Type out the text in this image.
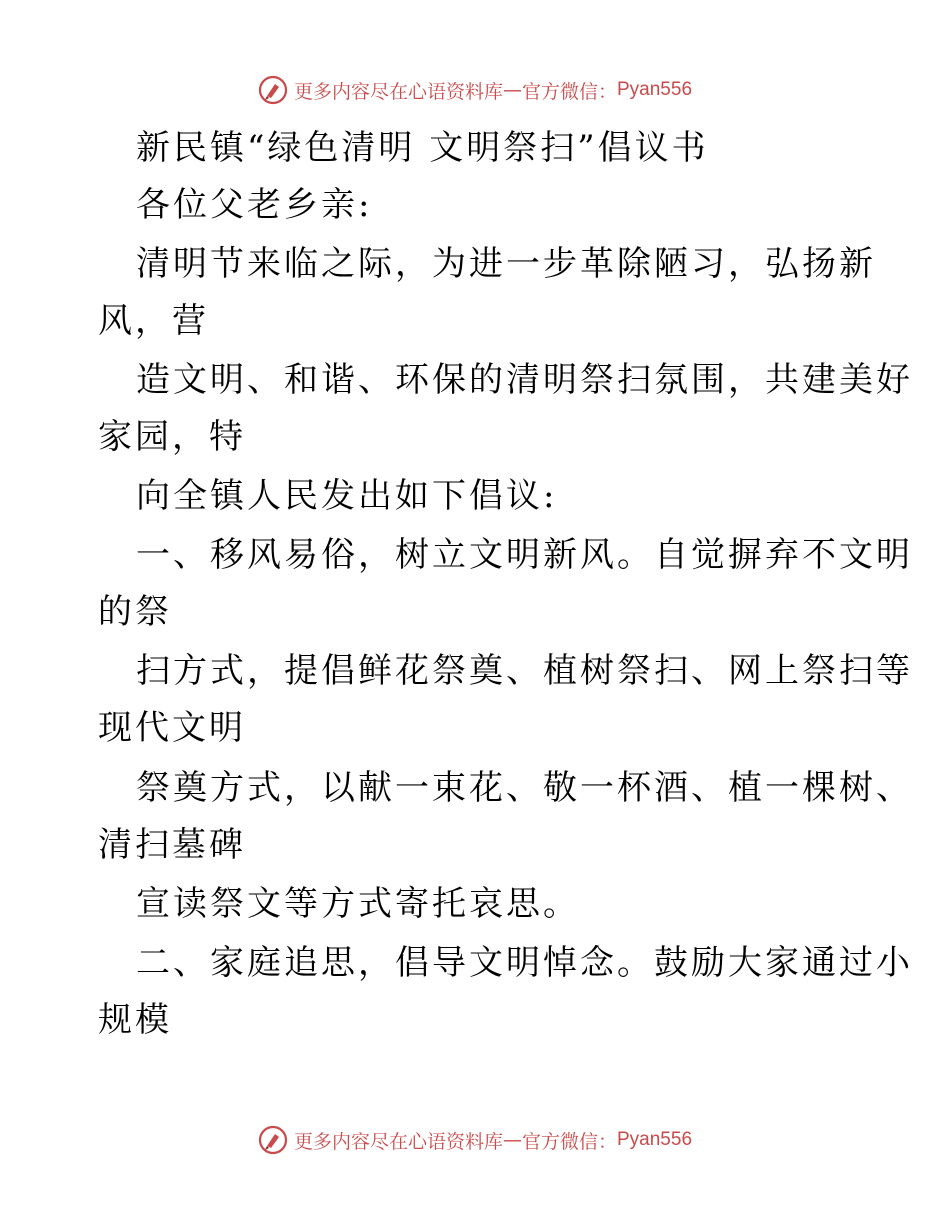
更多内容尽在心语资料库 — 官方微信： Pyan556
新民镇“绿色清明 文明祭扫”倡议书
各位父老乡亲:
清明节来临之际，为进一步革除陋习，弘扬新
风，营
造文明、和谐、环保的清明祭扫氛围，共建美好
家园，特
向全镇人民发出如下倡议:
一、移风易俗，树立文明新风。自觉摒弃不文明
的祭
扫方式，提倡鲜花祭奠、植树祭扫、网上祭扫等
现代文明
祭奠方式，以献一束花、敬一杯酒、植一棵树、
清扫墓碑
宣读祭文等方式寄托哀思。
二、家庭追思，倡导文明悼念。鼓励大家通过小
规模
更多内容尽在心语资料库 — 官方微信： Pyan556
